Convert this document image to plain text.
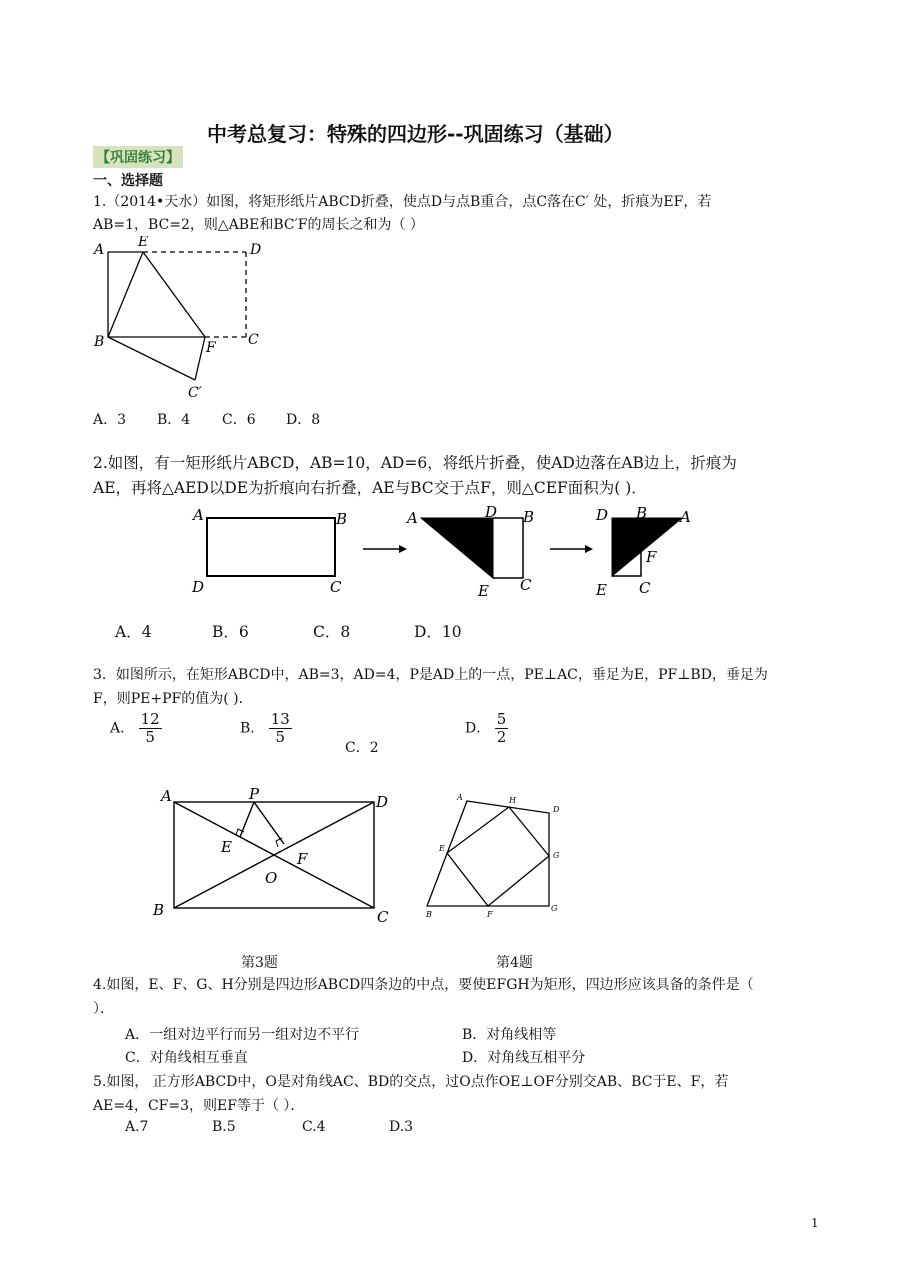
中考总复习：特殊的四边形--巩固练习（基础）
【巩固练习】
一、选择题
1.（2014•天水）如图，将矩形纸片ABCD折叠，使点D与点B重合，点C落在C′ 处，折痕为EF，若
AB=1，BC=2，则△ABE和BC′F的周长之和为（ ）
A E	D
B	F C
C′
A．3 B．4 C．6 D．8
2.如图，有一矩形纸片ABCD，AB=10，AD=6，将纸片折叠，使AD边落在AB边上，折痕为
AE，再将△AED以DE为折痕向右折叠，AE与BC交于点F，则△CEF面积为( )．
A	B
D	C
A	D B
E C
D B A
F
E C
A．4	B．6	C．8	D．10
3．如图所示，在矩形ABCD中，AB=3，AD=4，P是AD上的一点，PE⊥AC，垂足为E，PF⊥BD，垂足为
F，则PE+PF的值为( )．
A． $\frac{12}{5}$	B． $\frac{13}{5}$
C．2
D． $\frac{5}{2}$
A	P	D
E
F
O
B	C
A	H
D
E
G
B	F
G
第3题	第4题
4.如图，E、F、G、H分别是四边形ABCD四条边的中点，要使EFGH为矩形，四边形应该具备的条件是（
）．
A．一组对边平行而另一组对边不平行	B．对角线相等
C．对角线相互垂直	D．对角线互相平分
5.如图， 正方形ABCD中，O是对角线AC、BD的交点，过O点作OE⊥OF分别交AB、BC于E、F，若
AE=4，CF=3，则EF等于（ ）．
A.7	B.5	C.4	D.3
1
